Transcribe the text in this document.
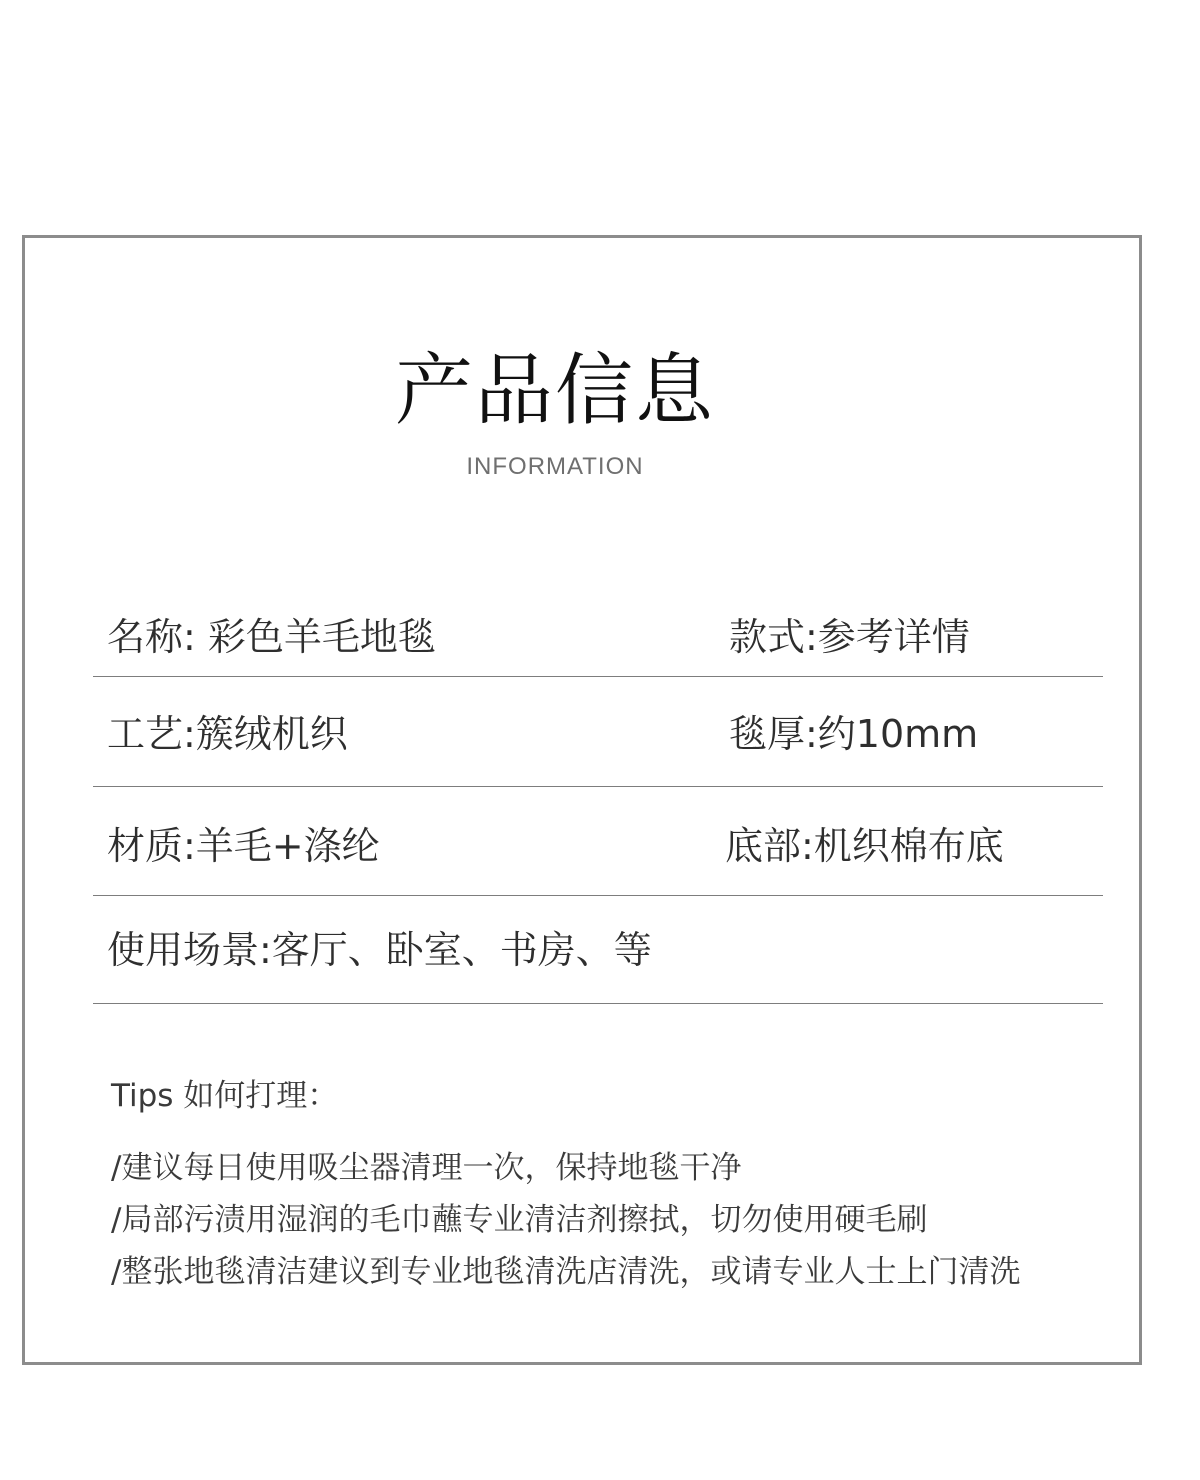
产品信息
INFORMATION
名称: 彩色羊毛地毯	款式:参考详情
工艺:簇绒机织	毯厚:约10mm
材质:羊毛+涤纶	底部:机织棉布底
使用场景:客厅、卧室、书房、等
Tips 如何打理：
/建议每日使用吸尘器清理一次，保持地毯干净
/局部污渍用湿润的毛巾蘸专业清洁剂擦拭，切勿使用硬毛刷
/整张地毯清洁建议到专业地毯清洗店清洗，或请专业人士上门清洗
